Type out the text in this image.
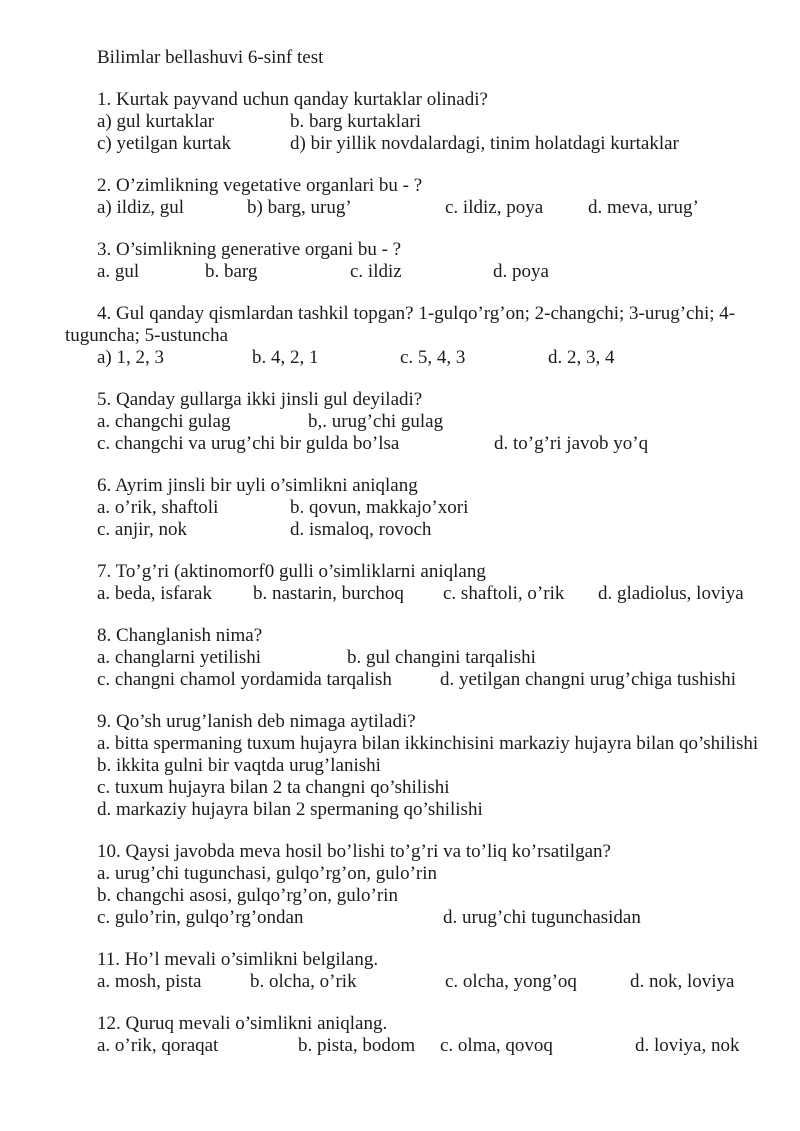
Bilimlar bellashuvi 6-sinf test
1. Kurtak payvand uchun qanday kurtaklar olinadi?
a) gul kurtaklar	b. barg kurtaklari
c) yetilgan kurtak	d) bir yillik novdalardagi, tinim holatdagi kurtaklar
2. O’zimlikning vegetative organlari bu - ?
a) ildiz, gul	b) barg, urug’	c. ildiz, poya d. meva, urug’
3. O’simlikning generative organi bu - ?
a. gul	b. barg	c. ildiz	d. poya
4. Gul qanday qismlardan tashkil topgan? 1-gulqo’rg’on; 2-changchi; 3-urug’chi; 4-
tuguncha; 5-ustuncha
a) 1, 2, 3	b. 4, 2, 1	c. 5, 4, 3	d. 2, 3, 4
5. Qanday gullarga ikki jinsli gul deyiladi?
a. changchi gulag	b,. urug’chi gulag
c. changchi va urug’chi bir gulda bo’lsa	d. to’g’ri javob yo’q
6. Ayrim jinsli bir uyli o’simlikni aniqlang
a. o’rik, shaftoli	b. qovun, makkajo’xori
c. anjir, nok	d. ismaloq, rovoch
7. To’g’ri (aktinomorf0 gulli o’simliklarni aniqlang
a. beda, isfarak b. nastarin, burchoq c. shaftoli, o’rik d. gladiolus, loviya
8. Changlanish nima?
a. changlarni yetilishi	b. gul changini tarqalishi
c. changni chamol yordamida tarqalish	d. yetilgan changni urug’chiga tushishi
9. Qo’sh urug’lanish deb nimaga aytiladi?
a. bitta spermaning tuxum hujayra bilan ikkinchisini markaziy hujayra bilan qo’shilishi
b. ikkita gulni bir vaqtda urug’lanishi
c. tuxum hujayra bilan 2 ta changni qo’shilishi
d. markaziy hujayra bilan 2 spermaning qo’shilishi
10. Qaysi javobda meva hosil bo’lishi to’g’ri va to’liq ko’rsatilgan?
a. urug’chi tugunchasi, gulqo’rg’on, gulo’rin
b. changchi asosi, gulqo’rg’on, gulo’rin
c. gulo’rin, gulqo’rg’ondan	d. urug’chi tugunchasidan
11. Ho’l mevali o’simlikni belgilang.
a. mosh, pista	b. olcha, o’rik	c. olcha, yong’oq	d. nok, loviya
12. Quruq mevali o’simlikni aniqlang.
a. o’rik, qoraqat	b. pista, bodom c. olma, qovoq	d. loviya, nok
